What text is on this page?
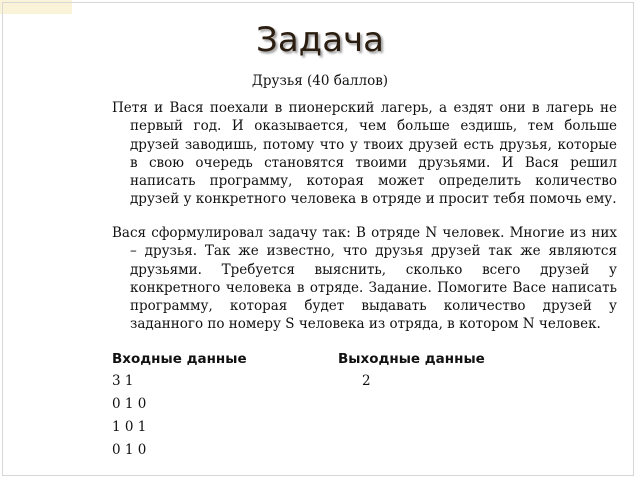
Задача
Друзья (40 баллов)
Петя и Вася поехали в пионерский лагерь, а ездят они в лагерь не первый год. И оказывается, чем больше ездишь, тем больше друзей заводишь, потому что у твоих друзей есть друзья, которые в свою очередь становятся твоими друзьями. И Вася решил написать программу, которая может определить количество друзей у конкретного человека в отряде и просит тебя помочь ему.
Вася сформулировал задачу так: В отряде N человек. Многие из них – друзья. Так же известно, что друзья друзей так же являются друзьями. Требуется выяснить, сколько всего друзей у конкретного человека в отряде. Задание. Помогите Васе написать программу, которая будет выдавать количество друзей у заданного по номеру S человека из отряда, в котором N человек.
Входные данные	Выходные данные
3 1
0 1 0
1 0 1
0 1 0
2
